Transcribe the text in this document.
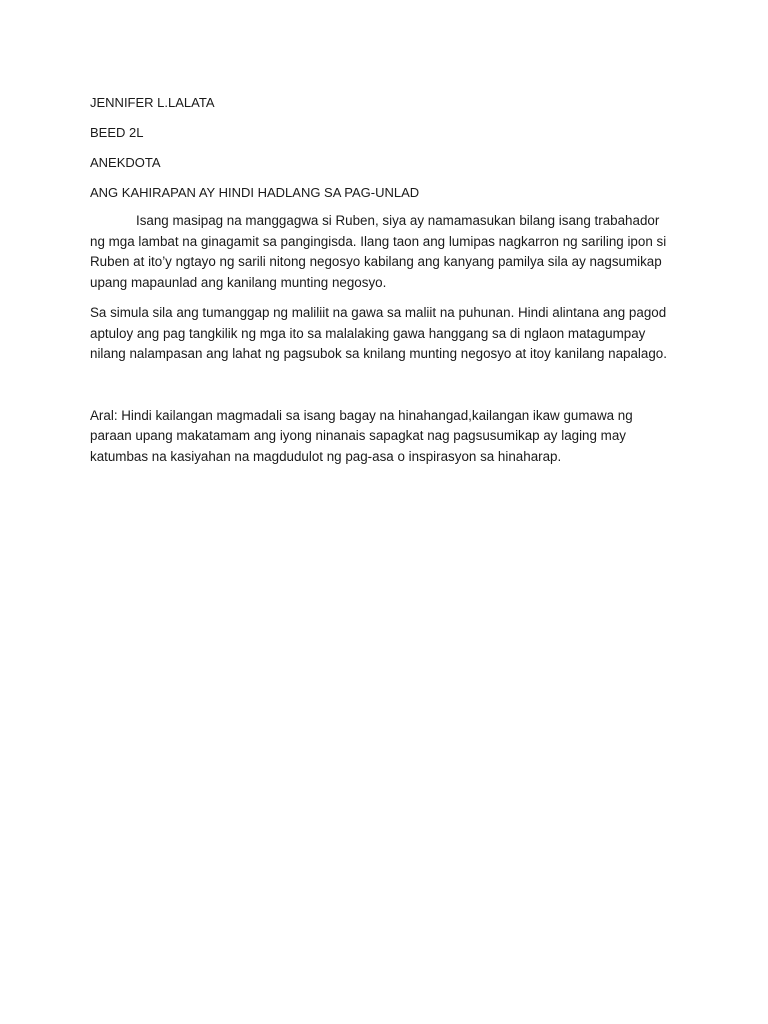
JENNIFER L.LALATA

BEED 2L

ANEKDOTA

ANG KAHIRAPAN AY HINDI HADLANG SA PAG-UNLAD

Isang masipag na manggagwa si Ruben, siya ay namamasukan bilang isang trabahador ng mga lambat na ginagamit sa pangingisda. Ilang taon ang lumipas nagkarron ng sariling ipon si Ruben at ito’y ngtayo ng sarili nitong negosyo kabilang ang kanyang pamilya sila ay nagsumikap upang mapaunlad ang kanilang munting negosyo.

Sa simula sila ang tumanggap ng maliliit na gawa sa maliit na puhunan. Hindi alintana ang pagod aptuloy ang pag tangkilik ng mga ito sa malalaking gawa hanggang sa di nglaon matagumpay nilang nalampasan ang lahat ng pagsubok sa knilang munting negosyo at itoy kanilang napalago.

Aral: Hindi kailangan magmadali sa isang bagay na hinahangad,kailangan ikaw gumawa ng paraan upang makatamam ang iyong ninanais sapagkat nag pagsusumikap ay laging may katumbas na kasiyahan na magdudulot ng pag-asa o inspirasyon sa hinaharap.
